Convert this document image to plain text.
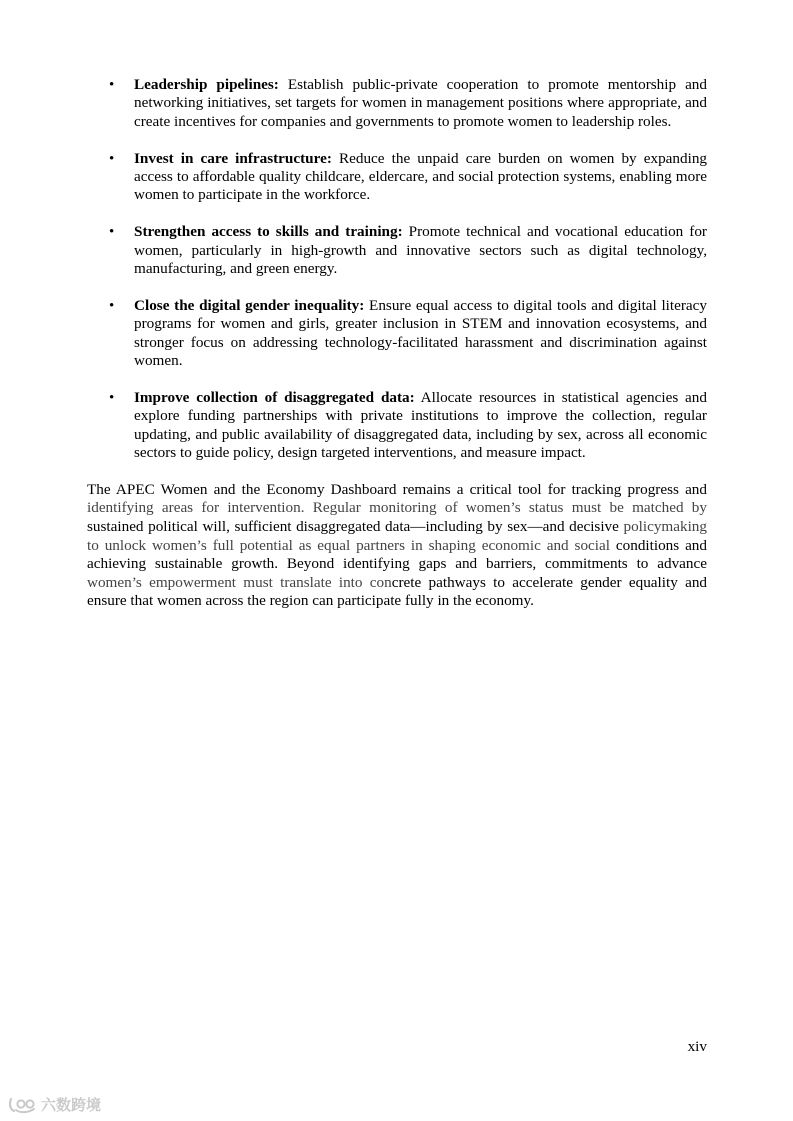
• Leadership pipelines: Establish public-private cooperation to promote mentorship and networking initiatives, set targets for women in management positions where appropriate, and create incentives for companies and governments to promote women to leadership roles.
• Invest in care infrastructure: Reduce the unpaid care burden on women by expanding access to affordable quality childcare, eldercare, and social protection systems, enabling more women to participate in the workforce.
• Strengthen access to skills and training: Promote technical and vocational education for women, particularly in high-growth and innovative sectors such as digital technology, manufacturing, and green energy.
• Close the digital gender inequality: Ensure equal access to digital tools and digital literacy programs for women and girls, greater inclusion in STEM and innovation ecosystems, and stronger focus on addressing technology-facilitated harassment and discrimination against women.
• Improve collection of disaggregated data: Allocate resources in statistical agencies and explore funding partnerships with private institutions to improve the collection, regular updating, and public availability of disaggregated data, including by sex, across all economic sectors to guide policy, design targeted interventions, and measure impact.

The APEC Women and the Economy Dashboard remains a critical tool for tracking progress and identifying areas for intervention. Regular monitoring of women’s status must be matched by sustained political will, sufficient disaggregated data—including by sex—and decisive policymaking to unlock women’s full potential as equal partners in shaping economic and social conditions and achieving sustainable growth. Beyond identifying gaps and barriers, commitments to advance women’s empowerment must translate into concrete pathways to accelerate gender equality and ensure that women across the region can participate fully in the economy.

xiv
六数跨境
